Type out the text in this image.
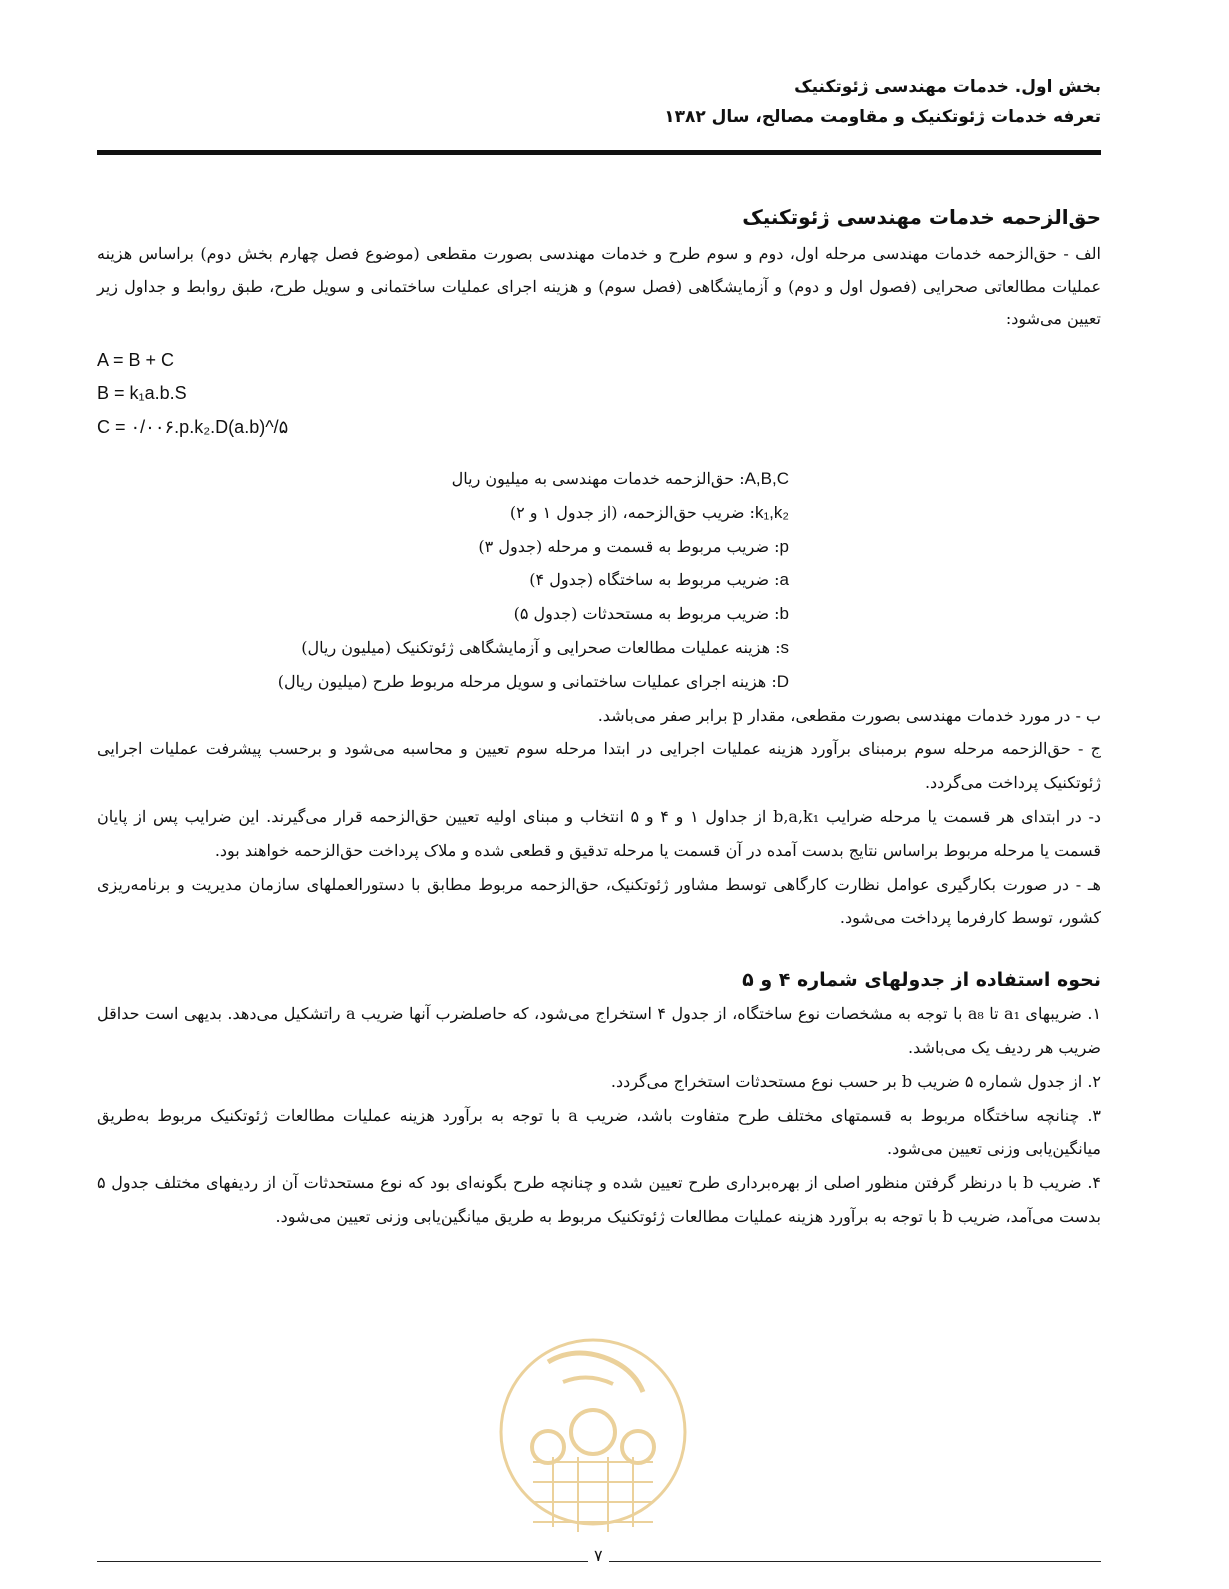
بخش اول. خدمات مهندسی ژئوتکنیک
تعرفه خدمات ژئوتکنیک و مقاومت مصالح، سال ۱۳۸۲
حق‌الزحمه خدمات مهندسی ژئوتکنیک

الف - حق‌الزحمه خدمات مهندسی مرحله اول، دوم و سوم طرح و خدمات مهندسی بصورت مقطعی (موضوع فصل چهارم بخش دوم) براساس هزینه عملیات مطالعاتی صحرایی (فصول اول و دوم) و آزمایشگاهی (فصل سوم) و هزینه اجرای عملیات ساختمانی و سویل طرح، طبق روابط و جداول زیر تعیین می‌شود:

A = B + C
B = k₁a.b.S
C = ۰/۰۰۶.p.k₂.D(a.b)^/۵
A,B,C: حق‌الزحمه خدمات مهندسی به میلیون ریال
k₁,k₂: ضریب حق‌الزحمه، (از جدول ۱ و ۲)
p: ضریب مربوط به قسمت و مرحله (جدول ۳)
a: ضریب مربوط به ساختگاه (جدول ۴)
b: ضریب مربوط به مستحدثات (جدول ۵)
s: هزینه عملیات مطالعات صحرایی و آزمایشگاهی ژئوتکنیک (میلیون ریال)
D: هزینه اجرای عملیات ساختمانی و سویل مرحله مربوط طرح (میلیون ریال)

ب - در مورد خدمات مهندسی بصورت مقطعی، مقدار p برابر صفر می‌باشد.

ج - حق‌الزحمه مرحله سوم برمبنای برآورد هزینه عملیات اجرایی در ابتدا مرحله سوم تعیین و محاسبه می‌شود و برحسب پیشرفت عملیات اجرایی ژئوتکنیک پرداخت می‌گردد.

د- در ابتدای هر قسمت یا مرحله ضرایب b,a,k₁ از جداول ۱ و ۴ و ۵ انتخاب و مبنای اولیه تعیین حق‌الزحمه قرار می‌گیرند. این ضرایب پس از پایان قسمت یا مرحله مربوط براساس نتایج بدست آمده در آن قسمت یا مرحله تدقیق و قطعی شده و ملاک پرداخت حق‌الزحمه خواهند بود.

هـ - در صورت بکارگیری عوامل نظارت کارگاهی توسط مشاور ژئوتکنیک، حق‌الزحمه مربوط مطابق با دستورالعملهای سازمان مدیریت و برنامه‌ریزی کشور، توسط کارفرما پرداخت می‌شود.

نحوه استفاده از جدولهای شماره ۴ و ۵

۱. ضریبهای a₁ تا a₈ با توجه به مشخصات نوع ساختگاه، از جدول ۴ استخراج می‌شود، که حاصلضرب آنها ضریب a راتشکیل می‌دهد. بدیهی است حداقل ضریب هر ردیف یک می‌باشد.

۲. از جدول شماره ۵ ضریب b بر حسب نوع مستحدثات استخراج می‌گردد.

۳. چنانچه ساختگاه مربوط به قسمتهای مختلف طرح متفاوت باشد، ضریب a با توجه به برآورد هزینه عملیات مطالعات ژئوتکنیک مربوط به‌طریق میانگین‌یابی وزنی تعیین می‌شود.

۴. ضریب b با درنظر گرفتن منظور اصلی از بهره‌برداری طرح تعیین شده و چنانچه طرح بگونه‌ای بود که نوع مستحدثات آن از ردیفهای مختلف جدول ۵ بدست می‌آمد، ضریب b با توجه به برآورد هزینه عملیات مطالعات ژئوتکنیک مربوط به طریق میانگین‌یابی وزنی تعیین می‌شود.

۷
